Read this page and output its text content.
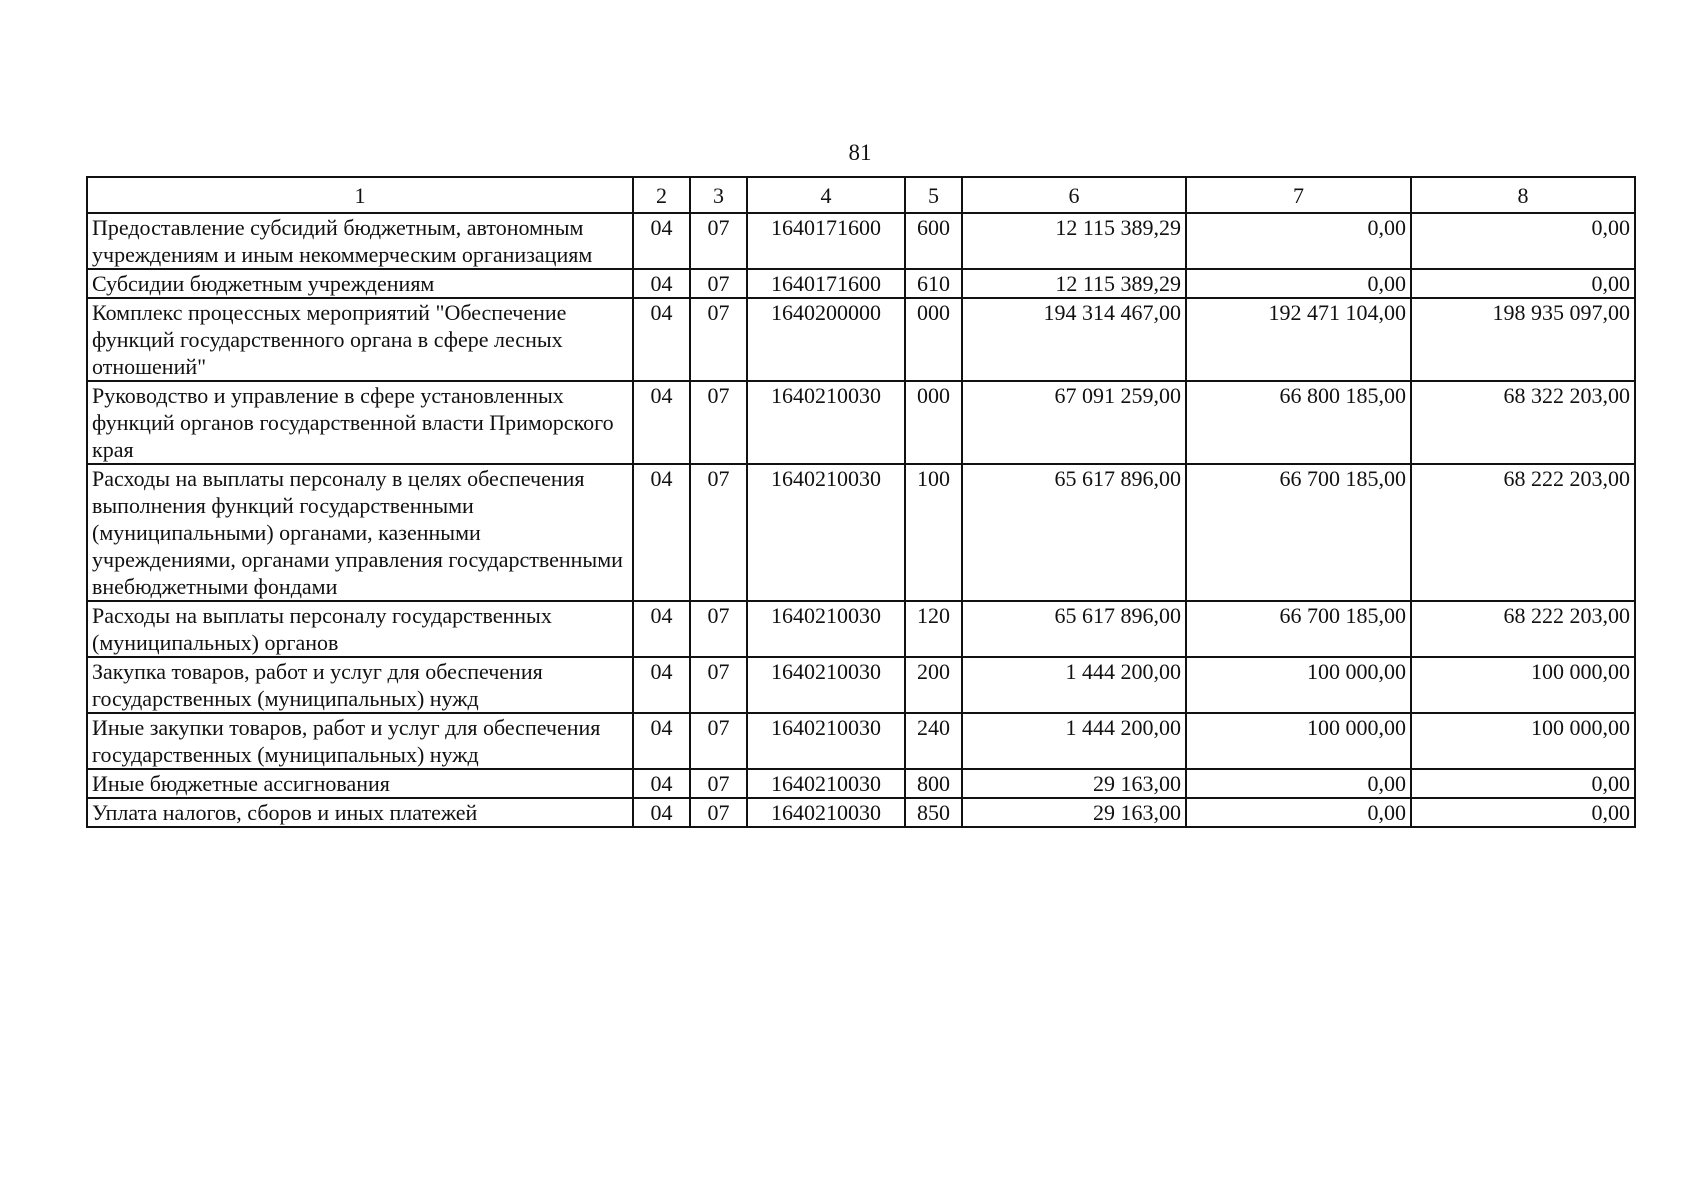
81
1	2	3	4	5	6	7	8
Предоставление субсидий бюджетным, автономным учреждениям и иным некоммерческим организациям	04	07	1640171600	600	12 115 389,29	0,00	0,00
Субсидии бюджетным учреждениям	04	07	1640171600	610	12 115 389,29	0,00	0,00
Комплекс процессных мероприятий "Обеспечение функций государственного органа в сфере лесных отношений"	04	07	1640200000	000	194 314 467,00	192 471 104,00	198 935 097,00
Руководство и управление в сфере установленных функций органов государственной власти Приморского края	04	07	1640210030	000	67 091 259,00	66 800 185,00	68 322 203,00
Расходы на выплаты персоналу в целях обеспечения выполнения функций государственными (муниципальными) органами, казенными учреждениями, органами управления государственными внебюджетными фондами	04	07	1640210030	100	65 617 896,00	66 700 185,00	68 222 203,00
Расходы на выплаты персоналу государственных (муниципальных) органов	04	07	1640210030	120	65 617 896,00	66 700 185,00	68 222 203,00
Закупка товаров, работ и услуг для обеспечения государственных (муниципальных) нужд	04	07	1640210030	200	1 444 200,00	100 000,00	100 000,00
Иные закупки товаров, работ и услуг для обеспечения государственных (муниципальных) нужд	04	07	1640210030	240	1 444 200,00	100 000,00	100 000,00
Иные бюджетные ассигнования	04	07	1640210030	800	29 163,00	0,00	0,00
Уплата налогов, сборов и иных платежей	04	07	1640210030	850	29 163,00	0,00	0,00
